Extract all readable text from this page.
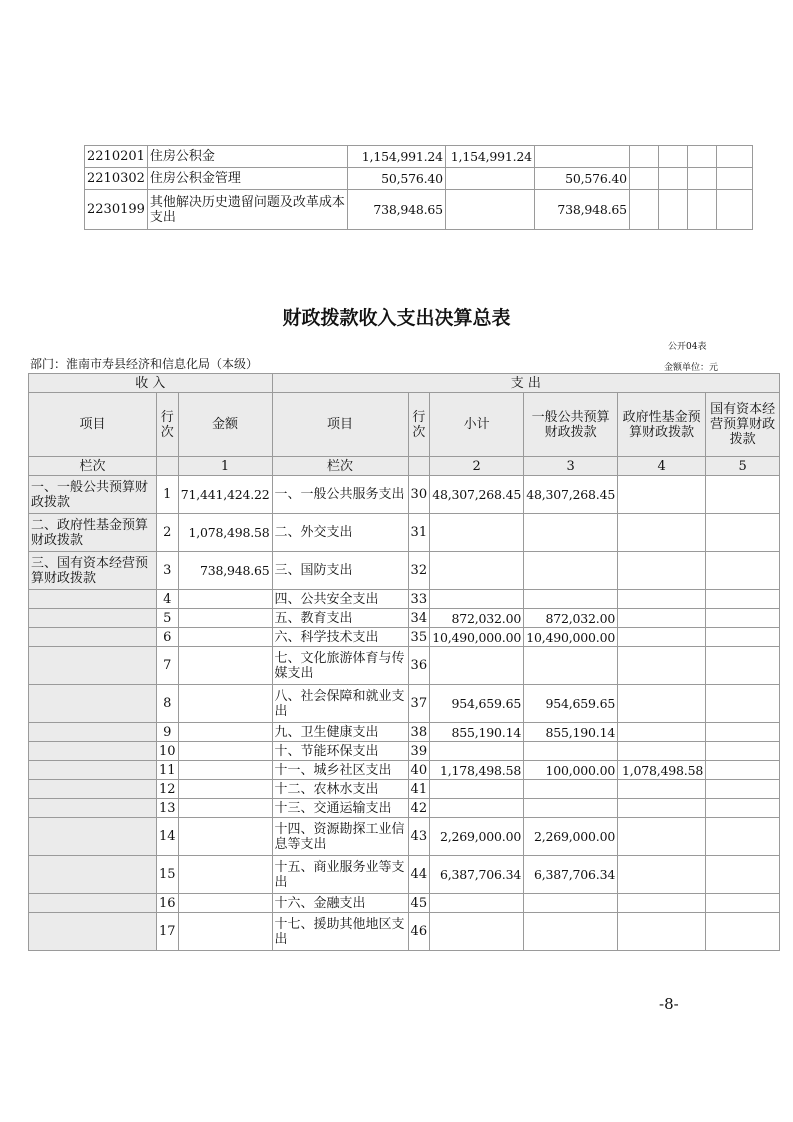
2210201	住房公积金	1,154,991.24	1,154,991.24					
2210302	住房公积金管理	50,576.40		50,576.40				
2230199	其他解决历史遗留问题及改革成本支出	738,948.65		738,948.65				
财政拨款收入支出决算总表
公开04表
部门：淮南市寿县经济和信息化局（本级）	金额单位：元
收 入			支 出					
项目	行次	金额	项目	行次	小计	一般公共预算财政拨款	政府性基金预算财政拨款	国有资本经营预算财政拨款
栏次		1	栏次		2	3	4	5
一、一般公共预算财政拨款	1	71,441,424.22	一、一般公共服务支出	30	48,307,268.45	48,307,268.45		
二、政府性基金预算财政拨款	2	1,078,498.58	二、外交支出	31				
三、国有资本经营预算财政拨款	3	738,948.65	三、国防支出	32				
	4		四、公共安全支出	33				
	5		五、教育支出	34	872,032.00	872,032.00		
	6		六、科学技术支出	35	10,490,000.00	10,490,000.00		
	7		七、文化旅游体育与传媒支出	36				
	8		八、社会保障和就业支出	37	954,659.65	954,659.65		
	9		九、卫生健康支出	38	855,190.14	855,190.14		
	10		十、节能环保支出	39				
	11		十一、城乡社区支出	40	1,178,498.58	100,000.00	1,078,498.58	
	12		十二、农林水支出	41				
	13		十三、交通运输支出	42				
	14		十四、资源勘探工业信息等支出	43	2,269,000.00	2,269,000.00		
	15		十五、商业服务业等支出	44	6,387,706.34	6,387,706.34		
	16		十六、金融支出	45				
	17		十七、援助其他地区支出	46				
-8-
